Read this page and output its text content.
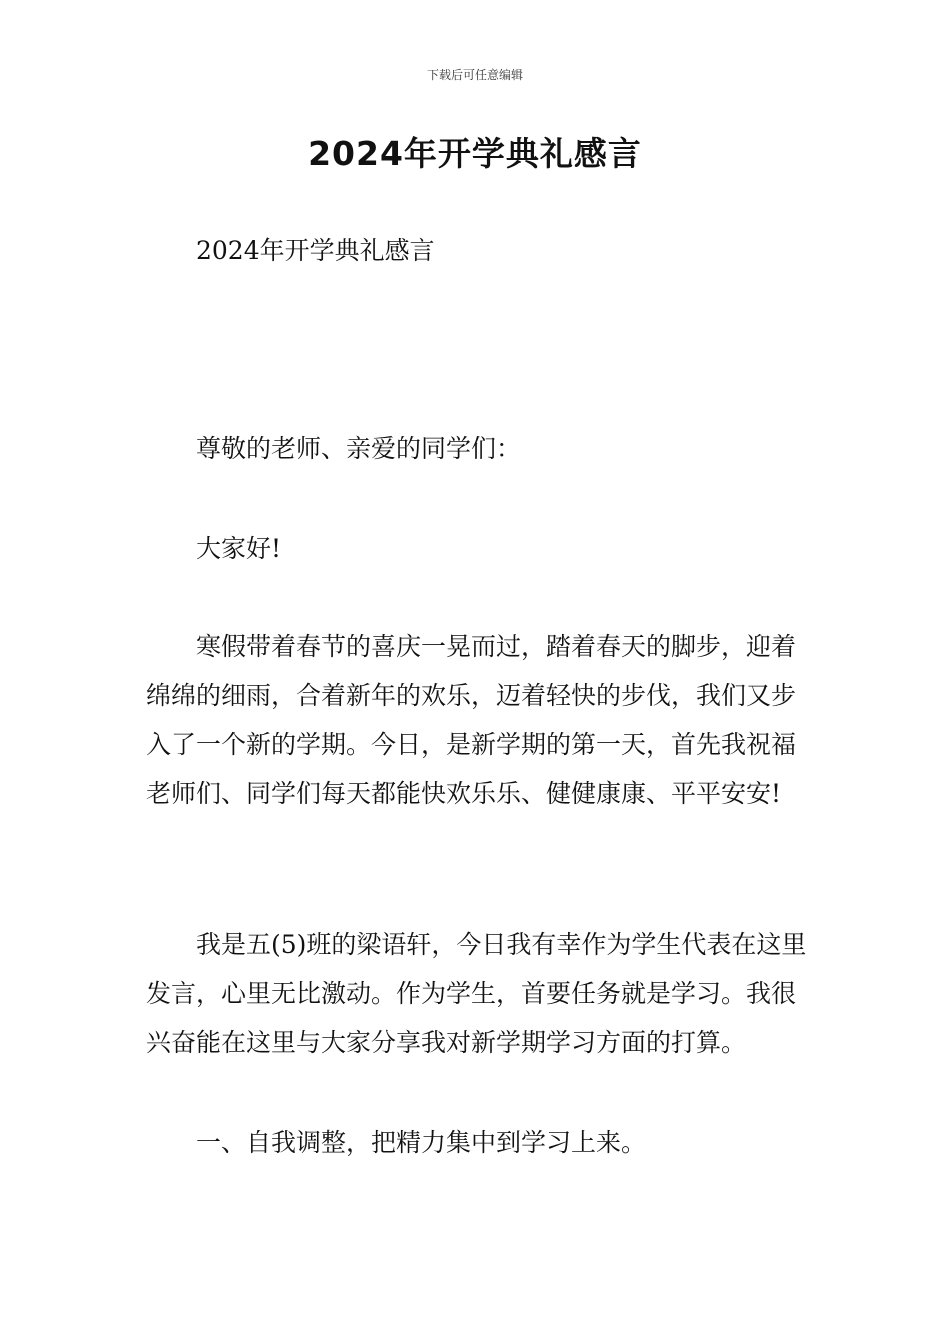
下载后可任意编辑
2024年开学典礼感言

2024年开学典礼感言

尊敬的老师、亲爱的同学们：

大家好!

寒假带着春节的喜庆一晃而过，踏着春天的脚步，迎着绵绵的细雨，合着新年的欢乐，迈着轻快的步伐，我们又步入了一个新的学期。今日，是新学期的第一天，首先我祝福老师们、同学们每天都能快欢乐乐、健健康康、平平安安!

我是五(5)班的梁语轩，今日我有幸作为学生代表在这里发言，心里无比激动。作为学生，首要任务就是学习。我很兴奋能在这里与大家分享我对新学期学习方面的打算。

一、自我调整，把精力集中到学习上来。
